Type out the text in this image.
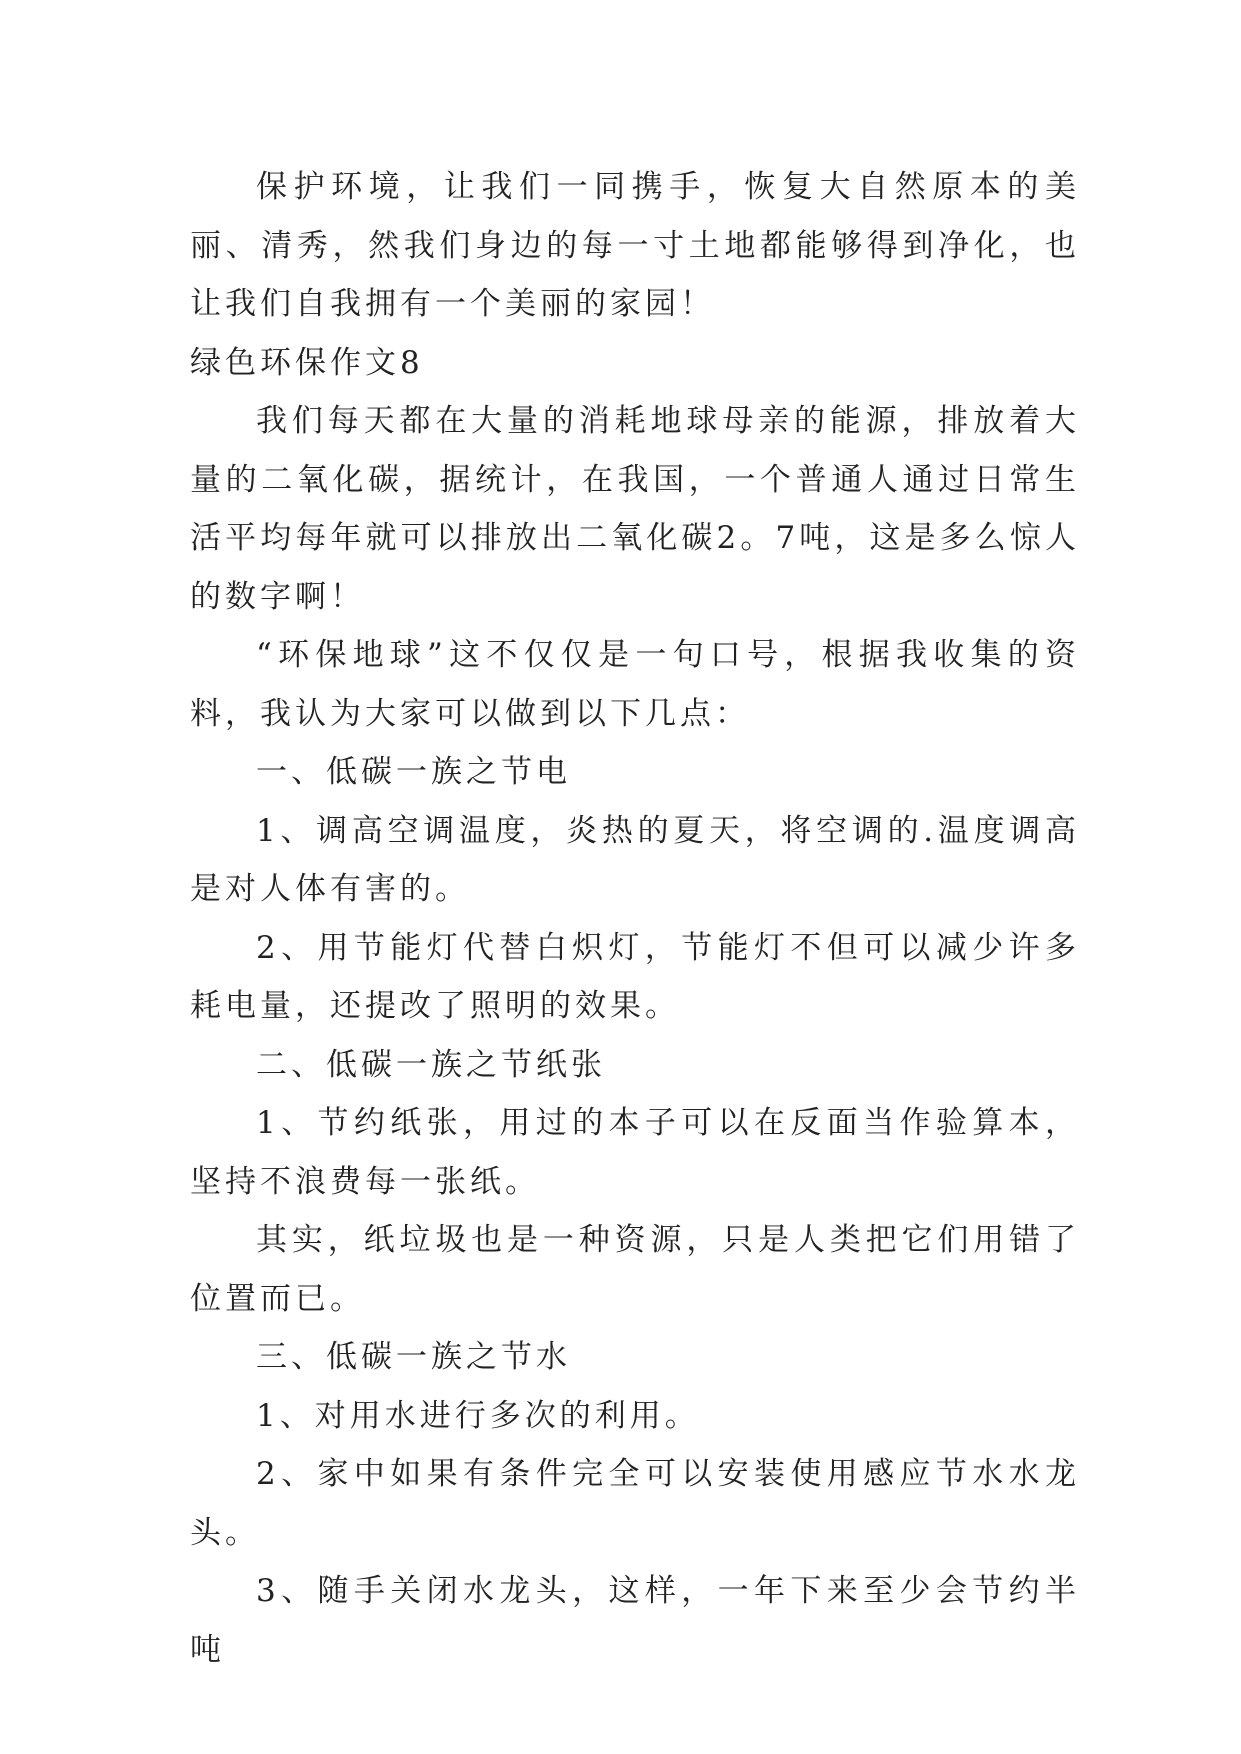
保护环境，让我们一同携手，恢复大自然原本的美丽、清秀，然我们身边的每一寸土地都能够得到净化，也让我们自我拥有一个美丽的家园！

绿色环保作文8

我们每天都在大量的消耗地球母亲的能源，排放着大量的二氧化碳，据统计，在我国，一个普通人通过日常生活平均每年就可以排放出二氧化碳2。7吨，这是多么惊人的数字啊！

“环保地球”这不仅仅是一句口号，根据我收集的资料，我认为大家可以做到以下几点：

一、低碳一族之节电

1、调高空调温度，炎热的夏天，将空调的.温度调高是对人体有害的。

2、用节能灯代替白炽灯，节能灯不但可以减少许多耗电量，还提改了照明的效果。

二、低碳一族之节纸张

1、节约纸张，用过的本子可以在反面当作验算本，坚持不浪费每一张纸。

其实，纸垃圾也是一种资源，只是人类把它们用错了位置而已。

三、低碳一族之节水

1、对用水进行多次的利用。

2、家中如果有条件完全可以安装使用感应节水水龙头。

3、随手关闭水龙头，这样，一年下来至少会节约半吨
